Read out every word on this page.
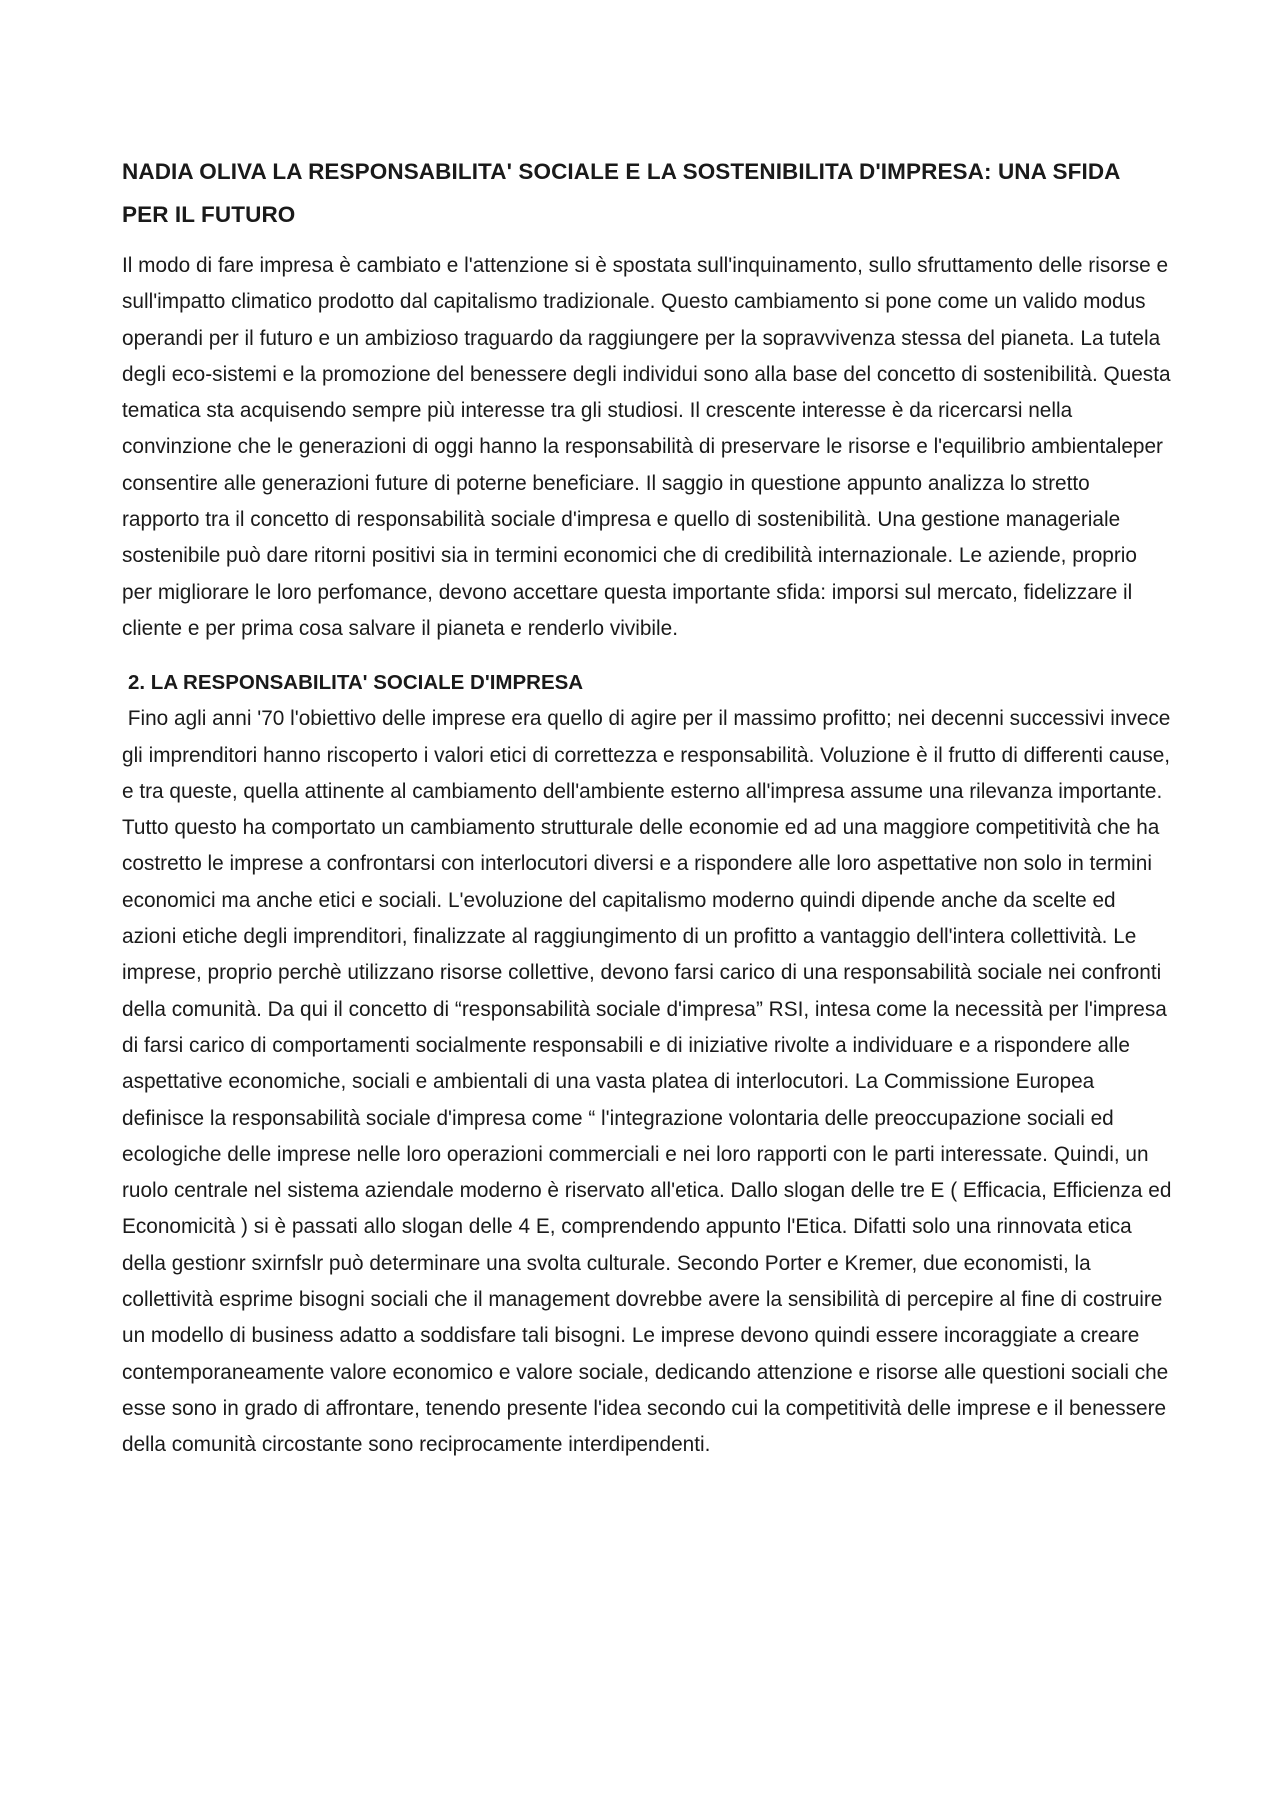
NADIA OLIVA LA RESPONSABILITA' SOCIALE E LA SOSTENIBILITA D'IMPRESA: UNA SFIDA PER IL FUTURO

Il modo di fare impresa è cambiato e l'attenzione si è spostata sull'inquinamento, sullo sfruttamento delle risorse e sull'impatto climatico prodotto dal capitalismo tradizionale. Questo cambiamento si pone come un valido modus operandi per il futuro e un ambizioso traguardo da raggiungere per la sopravvivenza stessa del pianeta. La tutela degli eco-sistemi e la promozione del benessere degli individui sono alla base del concetto di sostenibilità. Questa tematica sta acquisendo sempre più interesse tra gli studiosi. Il crescente interesse è da ricercarsi nella convinzione che le generazioni di oggi hanno la responsabilità di preservare le risorse e l'equilibrio ambientaleper consentire alle generazioni future di poterne beneficiare. Il saggio in questione appunto analizza lo stretto rapporto tra il concetto di responsabilità sociale d'impresa e quello di sostenibilità. Una gestione manageriale sostenibile può dare ritorni positivi sia in termini economici che di credibilità internazionale. Le aziende, proprio per migliorare le loro perfomance, devono accettare questa importante sfida: imporsi sul mercato, fidelizzare il cliente e per prima cosa salvare il pianeta e renderlo vivibile.

2. LA RESPONSABILITA' SOCIALE D'IMPRESA

Fino agli anni '70 l'obiettivo delle imprese era quello di agire per il massimo profitto; nei decenni successivi invece gli imprenditori hanno riscoperto i valori etici di correttezza e responsabilità. Voluzione è il frutto di differenti cause, e tra queste, quella attinente al cambiamento dell'ambiente esterno all'impresa assume una rilevanza importante. Tutto questo ha comportato un cambiamento strutturale delle economie ed ad una maggiore competitività che ha costretto le imprese a confrontarsi con interlocutori diversi e a rispondere alle loro aspettative non solo in termini economici ma anche etici e sociali. L'evoluzione del capitalismo moderno quindi dipende anche da scelte ed azioni etiche degli imprenditori, finalizzate al raggiungimento di un profitto a vantaggio dell'intera collettività. Le imprese, proprio perchè utilizzano risorse collettive, devono farsi carico di una responsabilità sociale nei confronti della comunità. Da qui il concetto di “responsabilità sociale d'impresa” RSI, intesa come la necessità per l'impresa di farsi carico di comportamenti socialmente responsabili e di iniziative rivolte a individuare e a rispondere alle aspettative economiche, sociali e ambientali di una vasta platea di interlocutori. La Commissione Europea definisce la responsabilità sociale d'impresa come “ l'integrazione volontaria delle preoccupazione sociali ed ecologiche delle imprese nelle loro operazioni commerciali e nei loro rapporti con le parti interessate. Quindi, un ruolo centrale nel sistema aziendale moderno è riservato all'etica. Dallo slogan delle tre E ( Efficacia, Efficienza ed Economicità ) si è passati allo slogan delle 4 E, comprendendo appunto l'Etica. Difatti solo una rinnovata etica della gestionr sxirnfslr può determinare una svolta culturale. Secondo Porter e Kremer, due economisti, la collettività esprime bisogni sociali che il management dovrebbe avere la sensibilità di percepire al fine di costruire un modello di business adatto a soddisfare tali bisogni. Le imprese devono quindi essere incoraggiate a creare contemporaneamente valore economico e valore sociale, dedicando attenzione e risorse alle questioni sociali che esse sono in grado di affrontare, tenendo presente l'idea secondo cui la competitività delle imprese e il benessere della comunità circostante sono reciprocamente interdipendenti.
